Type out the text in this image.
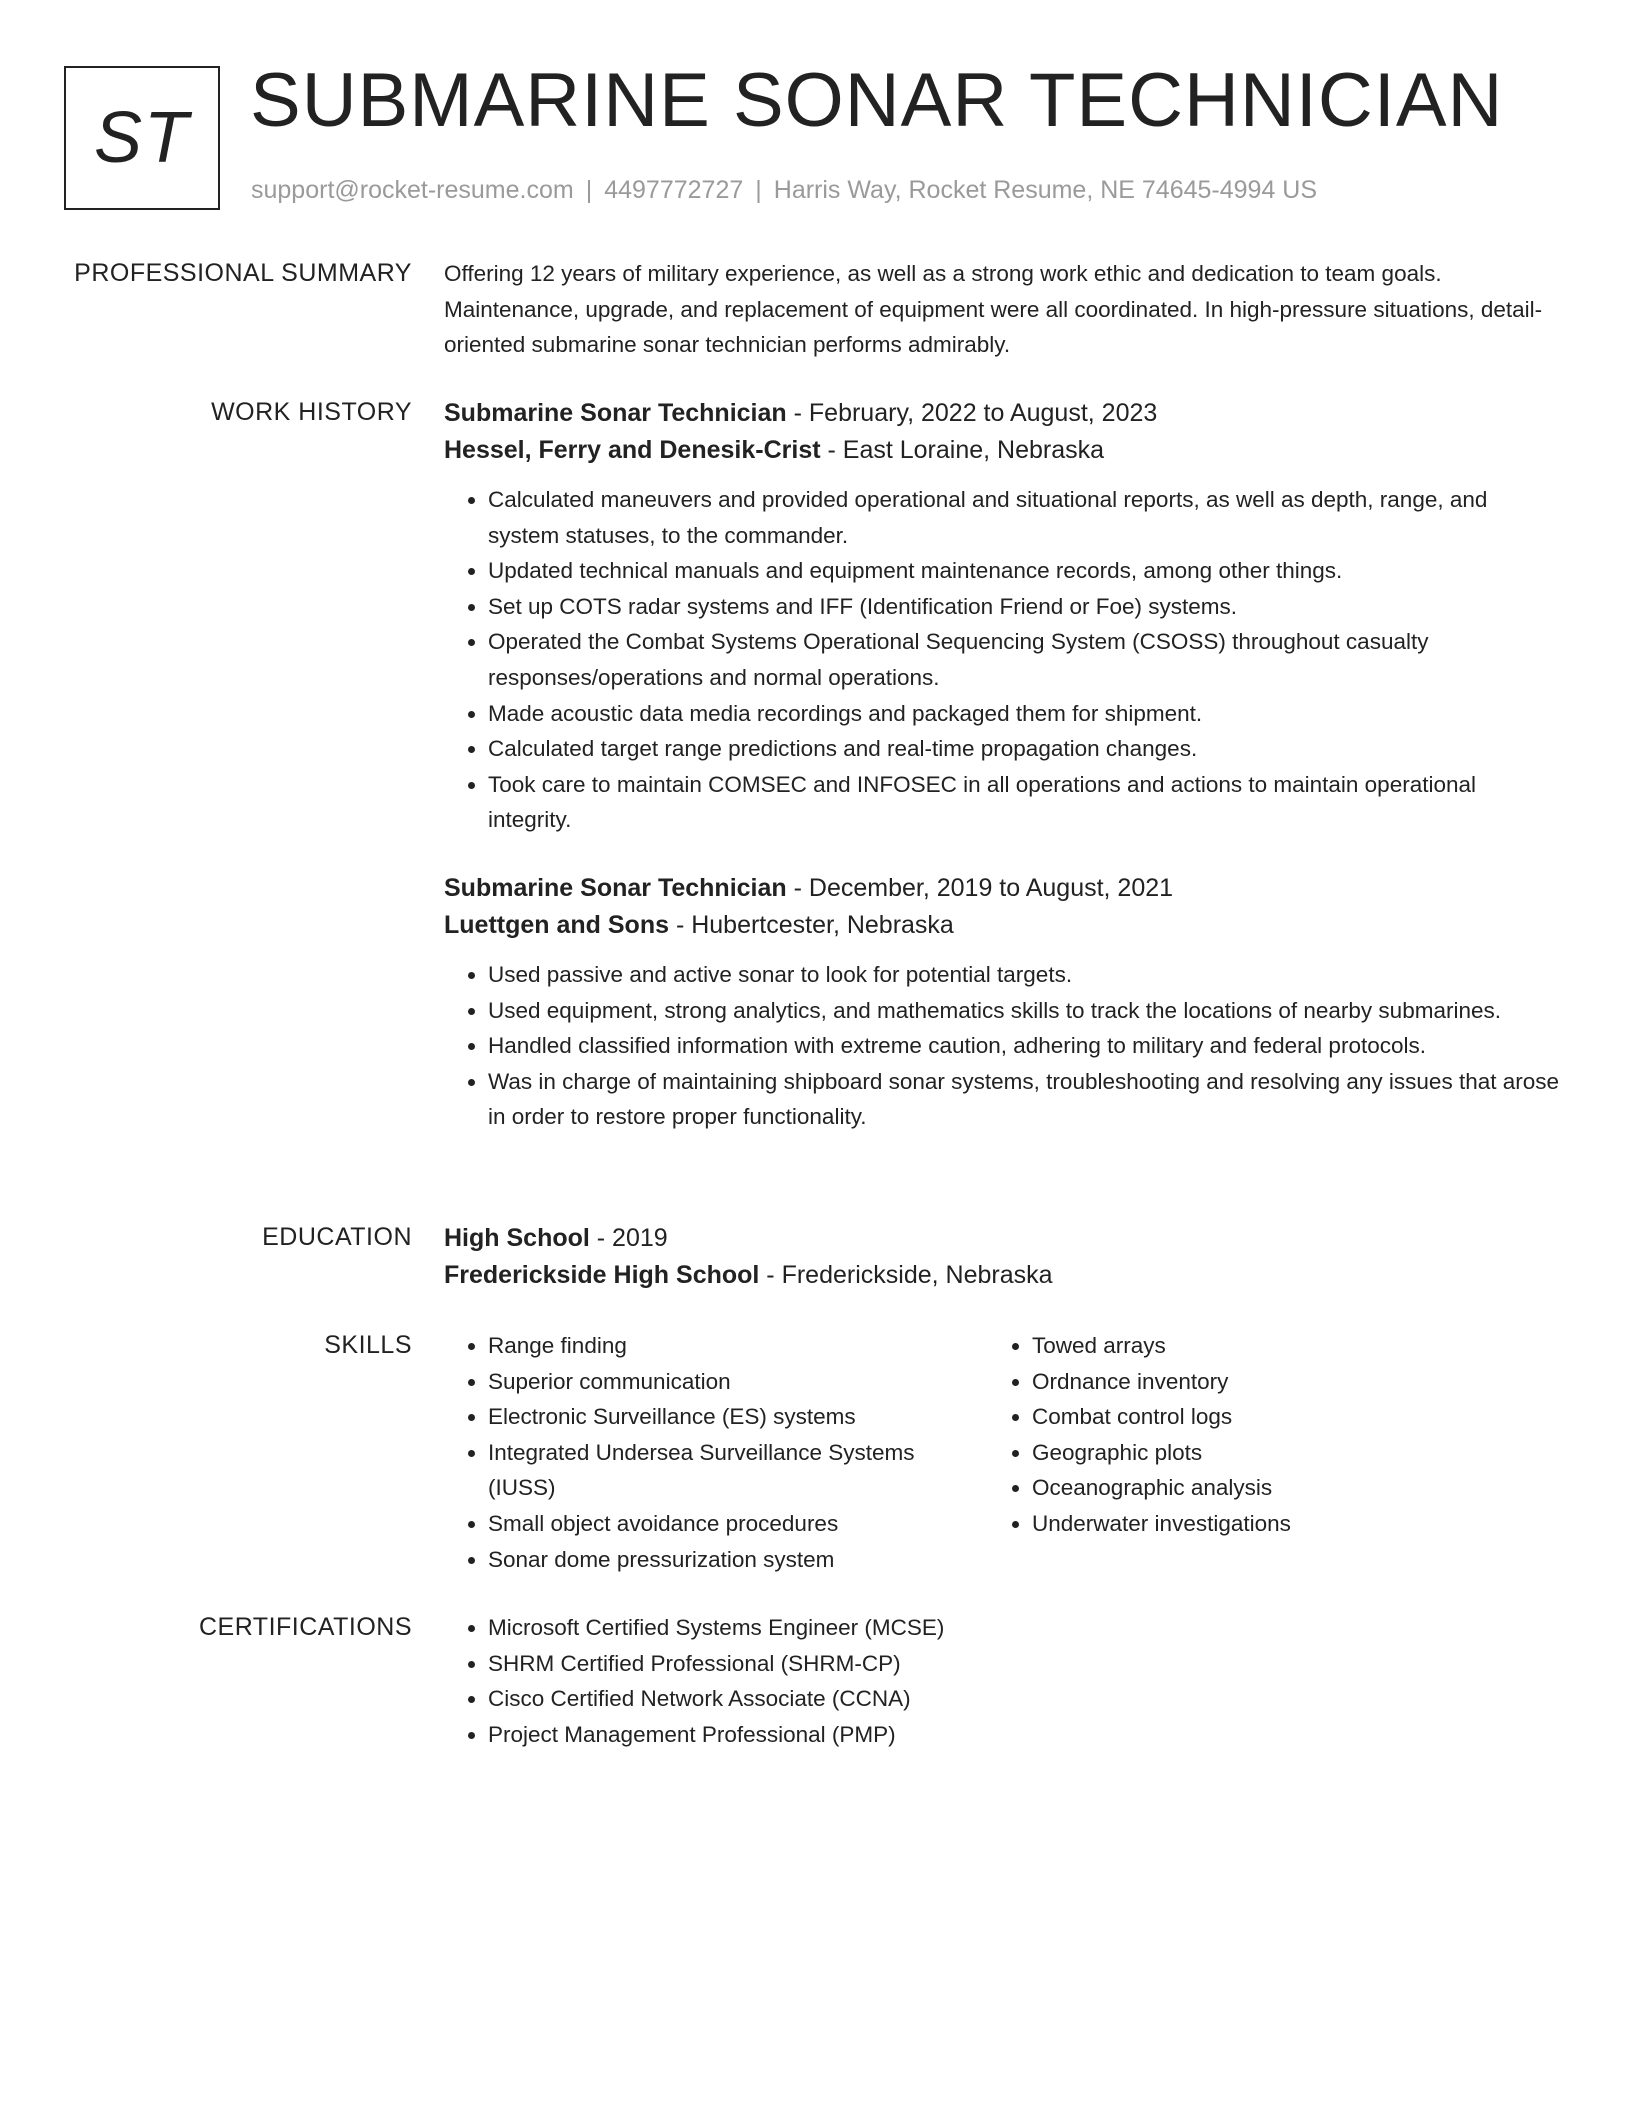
ST SUBMARINE SONAR TECHNICIAN
support@rocket-resume.com | 4497772727 | Harris Way, Rocket Resume, NE 74645-4994 US
PROFESSIONAL SUMMARY Offering 12 years of military experience, as well as a strong work ethic and dedication to team goals. Maintenance, upgrade, and replacement of equipment were all coordinated. In high-pressure situations, detail-oriented submarine sonar technician performs admirably.

WORK HISTORY Submarine Sonar Technician - February, 2022 to August, 2023
Hessel, Ferry and Denesik-Crist - East Loraine, Nebraska
• Calculated maneuvers and provided operational and situational reports, as well as depth, range, and system statuses, to the commander.
• Updated technical manuals and equipment maintenance records, among other things.
• Set up COTS radar systems and IFF (Identification Friend or Foe) systems.
• Operated the Combat Systems Operational Sequencing System (CSOSS) throughout casualty responses/operations and normal operations.
• Made acoustic data media recordings and packaged them for shipment.
• Calculated target range predictions and real-time propagation changes.
• Took care to maintain COMSEC and INFOSEC in all operations and actions to maintain operational integrity.
Submarine Sonar Technician - December, 2019 to August, 2021
Luettgen and Sons - Hubertcester, Nebraska
• Used passive and active sonar to look for potential targets.
• Used equipment, strong analytics, and mathematics skills to track the locations of nearby submarines.
• Handled classified information with extreme caution, adhering to military and federal protocols.
• Was in charge of maintaining shipboard sonar systems, troubleshooting and resolving any issues that arose in order to restore proper functionality.
EDUCATION High School - 2019
Frederickside High School - Frederickside, Nebraska
SKILLS	• Range finding
• Superior communication
• Electronic Surveillance (ES) systems
• Integrated Undersea Surveillance Systems (IUSS)
• Small object avoidance procedures
• Sonar dome pressurization system
• Towed arrays
• Ordnance inventory
• Combat control logs
• Geographic plots
• Oceanographic analysis
• Underwater investigations
CERTIFICATIONS	• Microsoft Certified Systems Engineer (MCSE)
• SHRM Certified Professional (SHRM-CP)
• Cisco Certified Network Associate (CCNA)
• Project Management Professional (PMP)
